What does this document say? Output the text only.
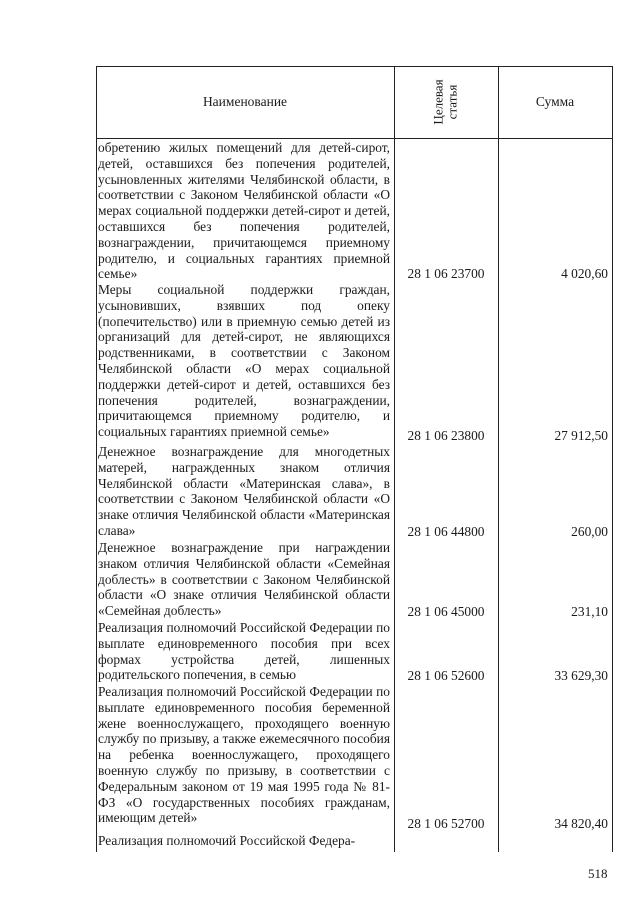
Наименование	Целевая статья	Сумма
обретению жилых помещений для детей-сирот, детей, оставшихся без попечения родителей, усыновленных жителями Челябинской области, в соответствии с Законом Челябинской области «О мерах социальной поддержки детей-сирот и детей, оставшихся без попечения родителей, вознаграждении, причитающемся приемному родителю, и социальных гарантиях приемной семье»	28 1 06 23700	4 020,60
Меры социальной поддержки граждан, усыновивших, взявших под опеку (попечительство) или в приемную семью детей из организаций для детей-сирот, не являющихся родственниками, в соответствии с Законом Челябинской области «О мерах социальной поддержки детей-сирот и детей, оставшихся без попечения родителей, вознаграждении, причитающемся приемному родителю, и социальных гарантиях приемной семье»	28 1 06 23800	27 912,50
Денежное вознаграждение для многодетных матерей, награжденных знаком отличия Челябинской области «Материнская слава», в соответствии с Законом Челябинской области «О знаке отличия Челябинской области «Материнская слава»	28 1 06 44800	260,00
Денежное вознаграждение при награждении знаком отличия Челябинской области «Семейная доблесть» в соответствии с Законом Челябинской области «О знаке отличия Челябинской области «Семейная доблесть»	28 1 06 45000	231,10
Реализация полномочий Российской Федерации по выплате единовременного пособия при всех формах устройства детей, лишенных родительского попечения, в семью	28 1 06 52600	33 629,30
Реализация полномочий Российской Федерации по выплате единовременного пособия беременной жене военнослужащего, проходящего военную службу по призыву, а также ежемесячного пособия на ребенка военнослужащего, проходящего военную службу по призыву, в соответствии с Федеральным законом от 19 мая 1995 года № 81-ФЗ «О государственных пособиях гражданам, имеющим детей»	28 1 06 52700	34 820,40
Реализация полномочий Российской Федера-
518
